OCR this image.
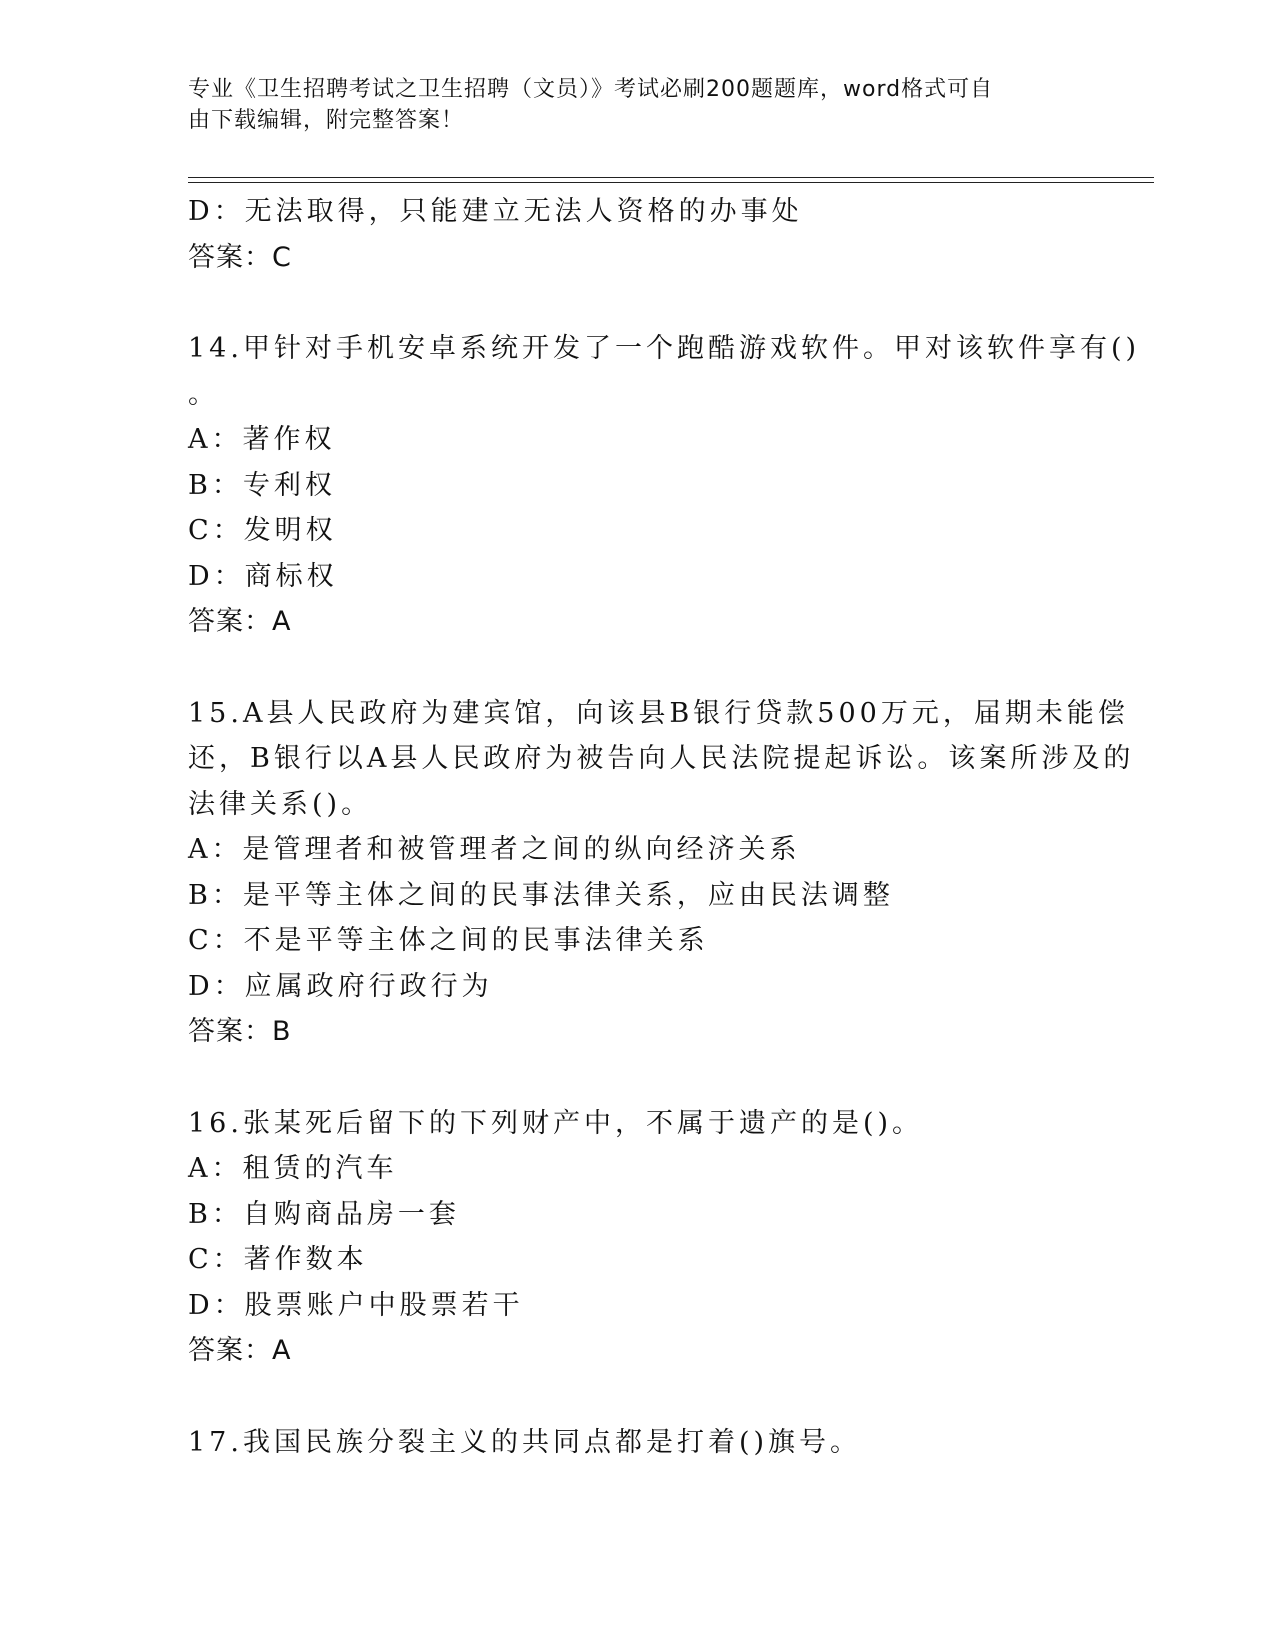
专业《卫生招聘考试之卫生招聘（文员）》考试必刷200题题库，word格式可自
由下载编辑，附完整答案！

D：无法取得，只能建立无法人资格的办事处

答案：C

14.甲针对手机安卓系统开发了一个跑酷游戏软件。甲对该软件享有()

。

A：著作权

B：专利权

C：发明权

D：商标权

答案：A

15.A县人民政府为建宾馆，向该县B银行贷款500万元，届期未能偿

还，B银行以A县人民政府为被告向人民法院提起诉讼。该案所涉及的

法律关系()。

A：是管理者和被管理者之间的纵向经济关系

B：是平等主体之间的民事法律关系，应由民法调整

C：不是平等主体之间的民事法律关系

D：应属政府行政行为

答案：B

16.张某死后留下的下列财产中，不属于遗产的是()。

A：租赁的汽车

B：自购商品房一套

C：著作数本

D：股票账户中股票若干

答案：A

17.我国民族分裂主义的共同点都是打着()旗号。
